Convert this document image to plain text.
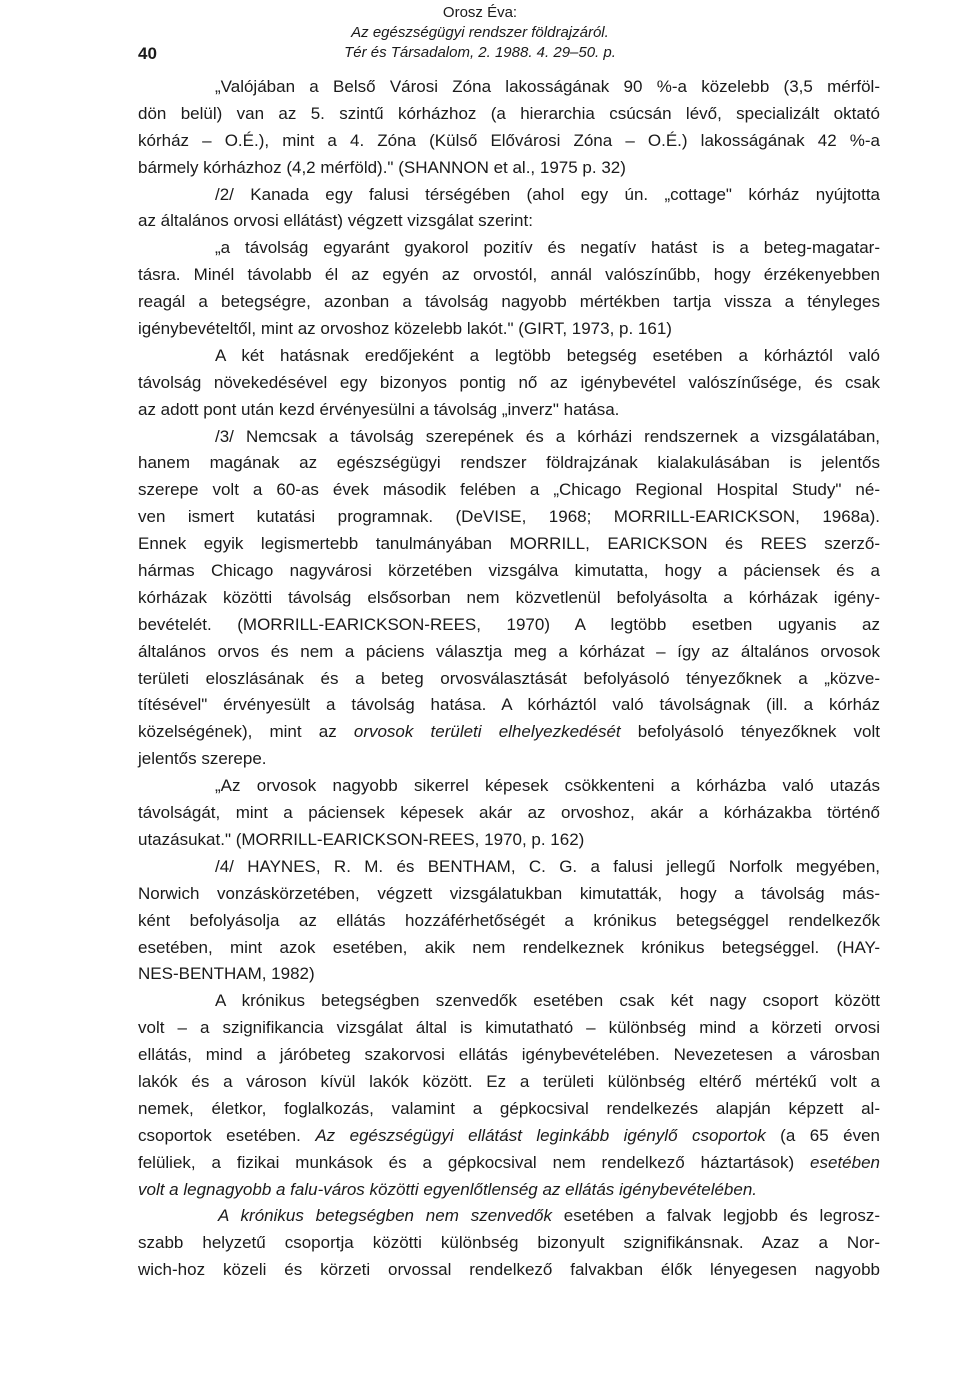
Orosz Éva:
Az egészségügyi rendszer földrajzáról.
Tér és Társadalom, 2. 1988. 4. 29–50. p.
40

„Valójában a Belső Városi Zóna lakosságának 90 %-a közelebb (3,5 mérföl-
dön belül) van az 5. szintű kórházhoz (a hierarchia csúcsán lévő, specializált oktató
kórház – O.É.), mint a 4. Zóna (Külső Elővárosi Zóna – O.É.) lakosságának 42 %-a
bármely kórházhoz (4,2 mérföld)." (SHANNON et al., 1975 p. 32)

/2/ Kanada egy falusi térségében (ahol egy ún. „cottage" kórház nyújtotta
az általános orvosi ellátást) végzett vizsgálat szerint:

„a távolság egyaránt gyakorol pozitív és negatív hatást is a beteg-magatar-
tásra. Minél távolabb él az egyén az orvostól, annál valószínűbb, hogy érzékenyebben
reagál a betegségre, azonban a távolság nagyobb mértékben tartja vissza a tényleges
igénybevételtől, mint az orvoshoz közelebb lakót." (GIRT, 1973, p. 161)

A két hatásnak eredőjeként a legtöbb betegség esetében a kórháztól való
távolság növekedésével egy bizonyos pontig nő az igénybevétel valószínűsége, és csak
az adott pont után kezd érvényesülni a távolság „inverz" hatása.

/3/ Nemcsak a távolság szerepének és a kórházi rendszernek a vizsgálatában,
hanem magának az egészségügyi rendszer földrajzának kialakulásában is jelentős
szerepe volt a 60-as évek második felében a „Chicago Regional Hospital Study" né-
ven ismert kutatási programnak. (DeVISE, 1968; MORRILL-EARICKSON, 1968a).
Ennek egyik legismertebb tanulmányában MORRILL, EARICKSON és REES szerző-
hármas Chicago nagyvárosi körzetében vizsgálva kimutatta, hogy a páciensek és a
kórházak közötti távolság elsősorban nem közvetlenül befolyásolta a kórházak igény-
bevételét. (MORRILL-EARICKSON-REES, 1970) A legtöbb esetben ugyanis az
általános orvos és nem a páciens választja meg a kórházat – így az általános orvosok
területi eloszlásának és a beteg orvosválasztását befolyásoló tényezőknek a „közve-
títésével" érvényesült a távolság hatása. A kórháztól való távolságnak (ill. a kórház
közelségének), mint az orvosok területi elhelyezkedését befolyásoló tényezőknek volt
jelentős szerepe.

„Az orvosok nagyobb sikerrel képesek csökkenteni a kórházba való utazás
távolságát, mint a páciensek képesek akár az orvoshoz, akár a kórházakba történő
utazásukat." (MORRILL-EARICKSON-REES, 1970, p. 162)

/4/ HAYNES, R. M. és BENTHAM, C. G. a falusi jellegű Norfolk megyében,
Norwich vonzáskörzetében, végzett vizsgálatukban kimutatták, hogy a távolság más-
ként befolyásolja az ellátás hozzáférhetőségét a krónikus betegséggel rendelkezők
esetében, mint azok esetében, akik nem rendelkeznek krónikus betegséggel. (HAY-
NES-BENTHAM, 1982)

A krónikus betegségben szenvedők esetében csak két nagy csoport között
volt – a szignifikancia vizsgálat által is kimutatható – különbség mind a körzeti orvosi
ellátás, mind a járóbeteg szakorvosi ellátás igénybevételében. Nevezetesen a városban
lakók és a városon kívül lakók között. Ez a területi különbség eltérő mértékű volt a
nemek, életkor, foglalkozás, valamint a gépkocsival rendelkezés alapján képzett al-
csoportok esetében. Az egészségügyi ellátást leginkább igénylő csoportok (a 65 éven
felüliek, a fizikai munkások és a gépkocsival nem rendelkező háztartások) esetében
volt a legnagyobb a falu-város közötti egyenlőtlenség az ellátás igénybevételében.

A krónikus betegségben nem szenvedők esetében a falvak legjobb és legrosz-
szabb helyzetű csoportja közötti különbség bizonyult szignifikánsnak. Azaz a Nor-
wich-hoz közeli és körzeti orvossal rendelkező falvakban élők lényegesen nagyobb
